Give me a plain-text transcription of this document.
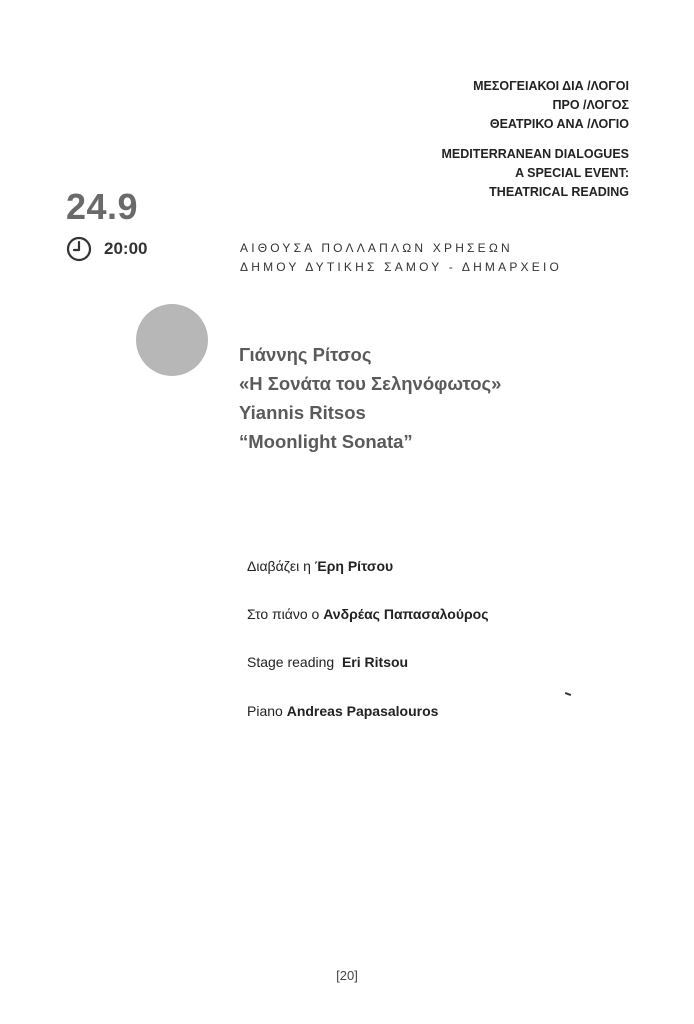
ΜΕΣΟΓΕΙΑΚΟΙ ΔΙΑ /ΛΟΓΟΙ
ΠΡΟ /ΛΟΓΟΣ
ΘΕΑΤΡΙΚΟ ΑΝΑ /ΛΟΓΙΟ
MEDITERRANEAN DIALOGUES
A SPECIAL EVENT:
THEATRICAL READING
24.9
20:00	ΑΙΘΟΥΣΑ ΠΟΛΛΑΠΛΩΝ ΧΡΗΣΕΩΝ
ΔΗΜΟΥ ΔΥΤΙΚΗΣ ΣΑΜΟΥ - ΔΗΜΑΡΧΕΙΟ
Γιάννης Ρίτσος
«Η Σονάτα του Σεληνόφωτος»
Yiannis Ritsos
“Moonlight Sonata”
Διαβάζει η Έρη Ρίτσου
Στο πιάνο ο Ανδρέας Παπασαλούρος
Stage reading  Eri Ritsou
Piano Andreas Papasalouros
[20]
